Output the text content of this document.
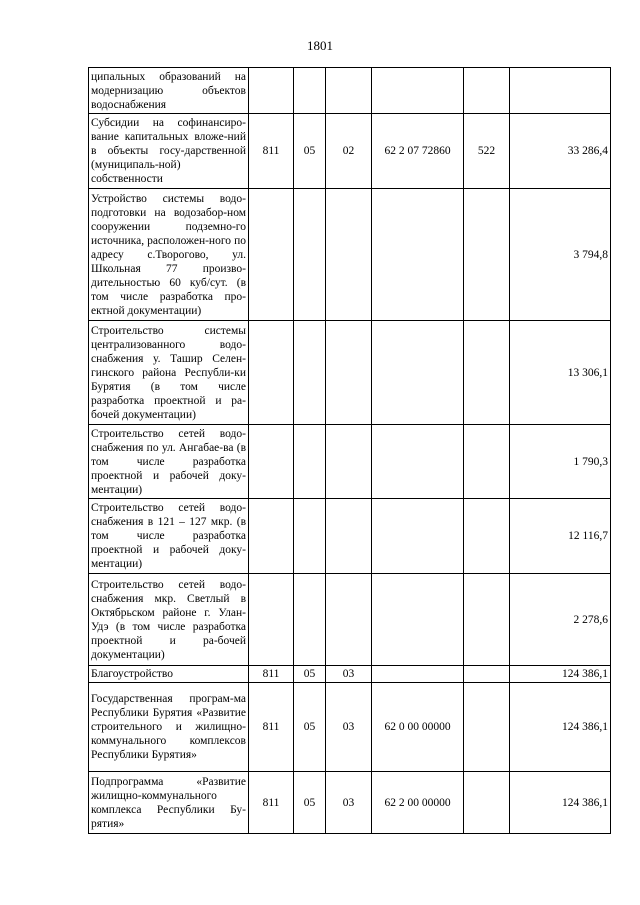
1801
ципальных образований на модернизацию объектов водоснабжения						
Субсидии на софинансиро-вание капитальных вложе-ний в объекты госу-дарственной (муниципаль-ной) собственности	811	05	02	62 2 07 72860	522	33 286,4
Устройство системы водо-подготовки на водозабор-ном сооружении подземно-го источника, расположен-ного по адресу с.Творогово, ул. Школьная 77 произво-дительностью 60 куб/сут. (в том числе разработка про-ектной документации)						3 794,8
Строительство системы централизованного водо-снабжения у. Ташир Селен-гинского района Республи-ки Бурятия (в том числе разработка проектной и ра-бочей документации)						13 306,1
Строительство сетей водо-снабжения по ул. Ангабае-ва (в том числе разработка проектной и рабочей доку-ментации)						1 790,3
Строительство сетей водо-снабжения в 121 – 127 мкр. (в том числе разработка проектной и рабочей доку-ментации)						12 116,7
Строительство сетей водо-снабжения мкр. Светлый в Октябрьском районе г. Улан-Удэ (в том числе разработка проектной и ра-бочей документации)						2 278,6
Благоустройство	811	05	03			124 386,1
Государственная програм-ма Республики Бурятия «Развитие строительного и жилищно-коммунального комплексов Республики Бурятия»	811	05	03	62 0 00 00000		124 386,1
Подпрограмма «Развитие жилищно-коммунального комплекса Республики Бу-рятия»	811	05	03	62 2 00 00000		124 386,1
